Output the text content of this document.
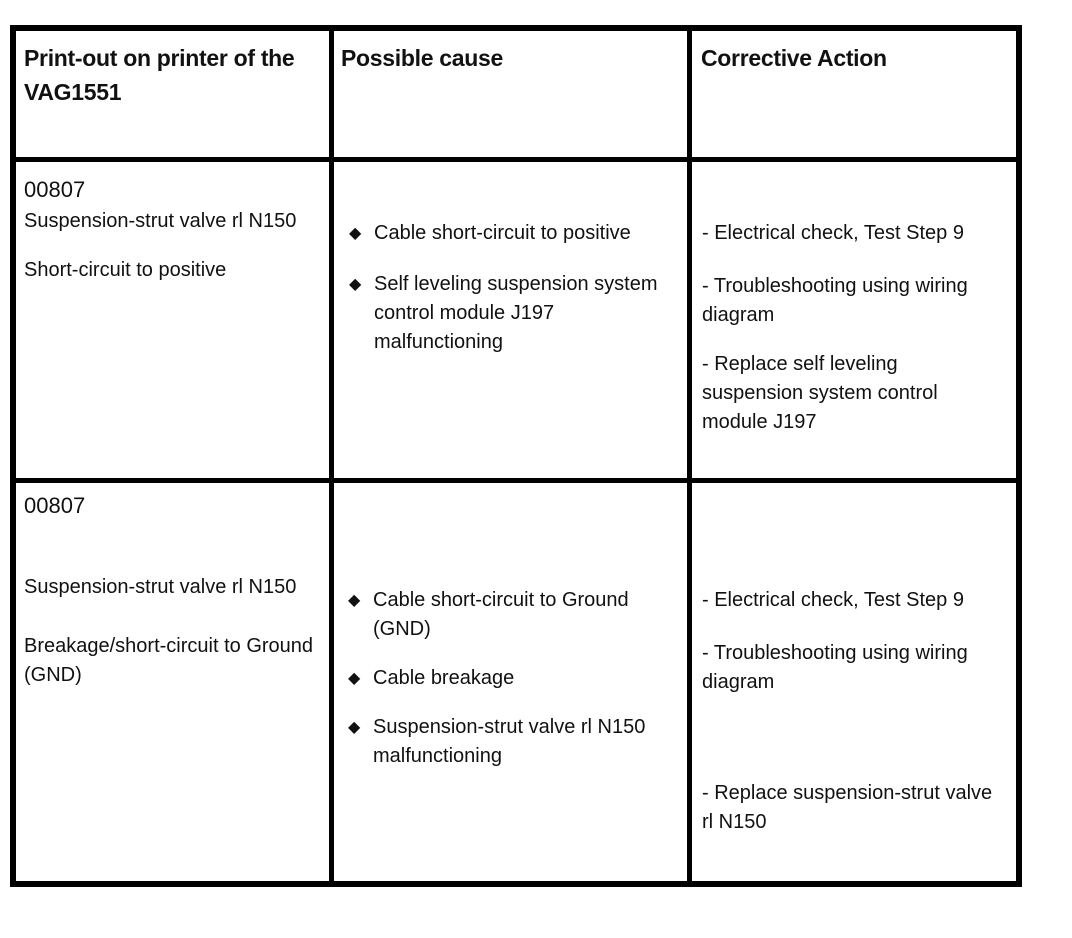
Print-out on printer of the VAG1551
Possible cause	Corrective Action

00807

Suspension-strut valve rl N150

Short-circuit to positive

◆ Cable short-circuit to positive
◆ Self leveling suspension system control module J197 malfunctioning

- Electrical check, Test Step 9

- Troubleshooting using wiring diagram

- Replace self leveling suspension system control module J197

00807

Suspension-strut valve rl N150

Breakage/short-circuit to Ground (GND)

◆ Cable short-circuit to Ground (GND)
◆ Cable breakage
◆ Suspension-strut valve rl N150 malfunctioning

- Electrical check, Test Step 9

- Troubleshooting using wiring diagram

- Replace suspension-strut valve rl N150
